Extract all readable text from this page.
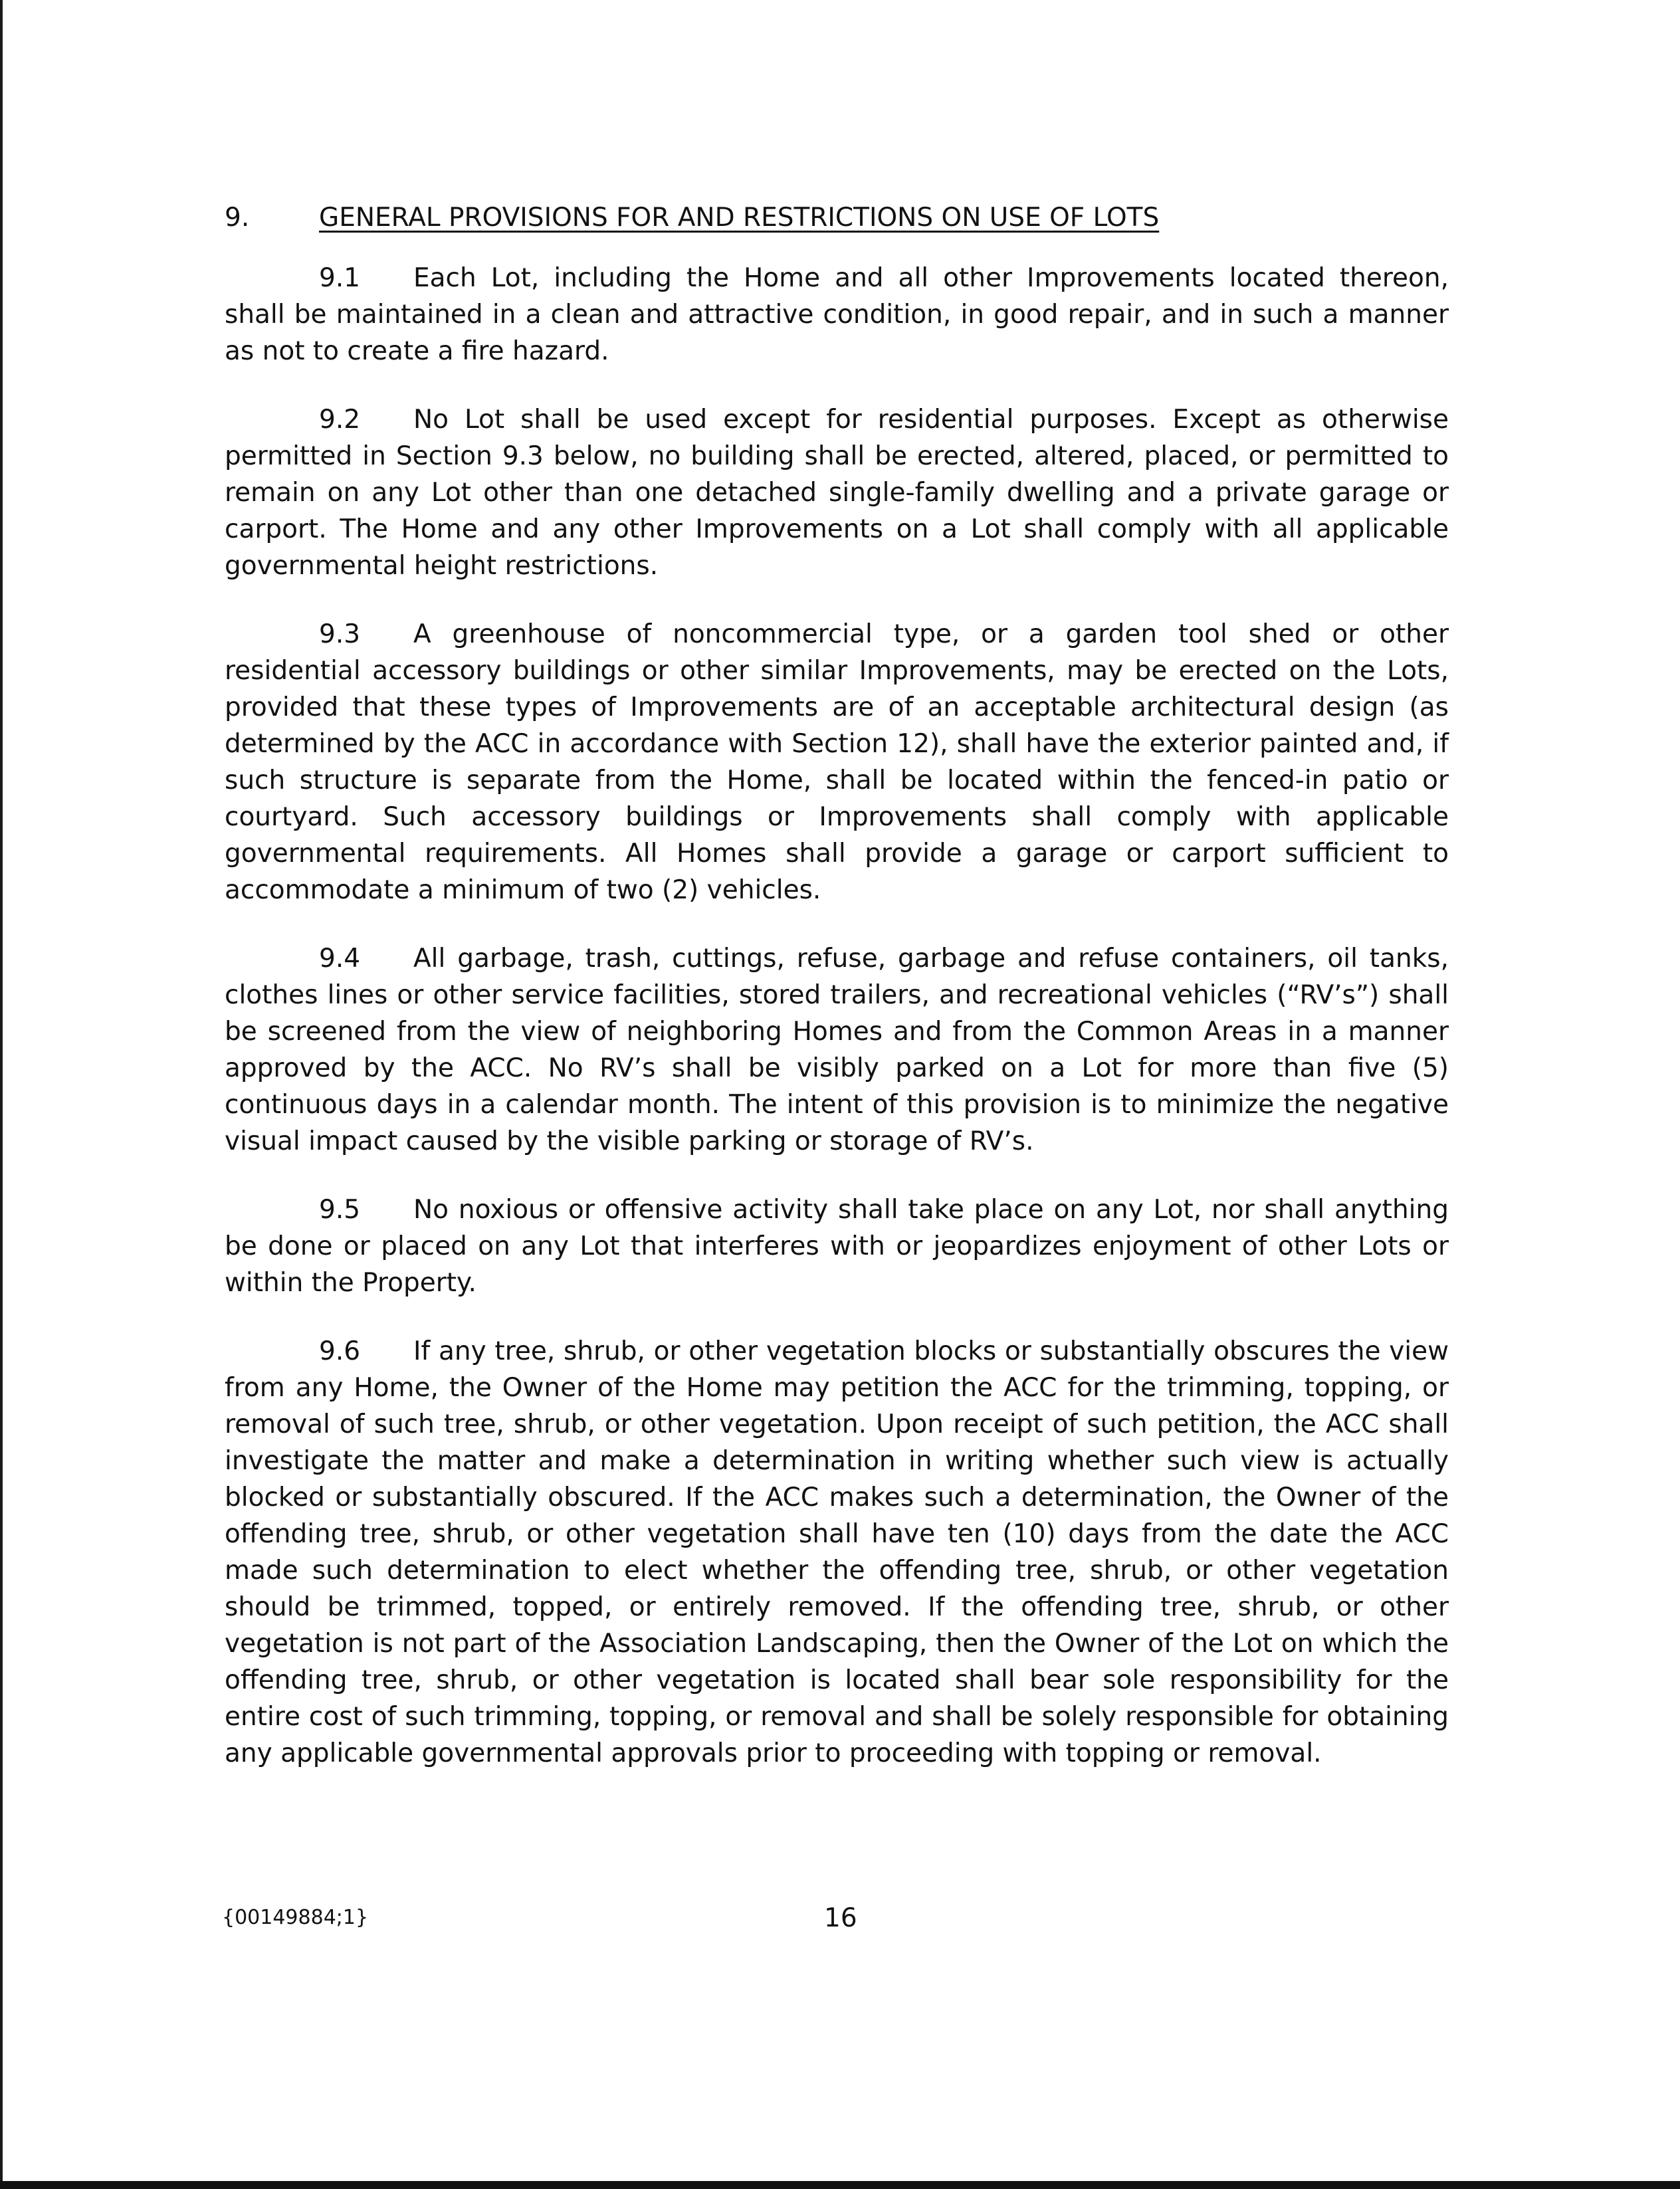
9.	GENERAL PROVISIONS FOR AND RESTRICTIONS ON USE OF LOTS

9.1 Each Lot, including the Home and all other Improvements located thereon, shall be maintained in a clean and attractive condition, in good repair, and in such a manner as not to create a fire hazard.

9.2 No Lot shall be used except for residential purposes. Except as otherwise permitted in Section 9.3 below, no building shall be erected, altered, placed, or permitted to remain on any Lot other than one detached single-family dwelling and a private garage or carport. The Home and any other Improvements on a Lot shall comply with all applicable governmental height restrictions.

9.3 A greenhouse of noncommercial type, or a garden tool shed or other residential accessory buildings or other similar Improvements, may be erected on the Lots, provided that these types of Improvements are of an acceptable architectural design (as determined by the ACC in accordance with Section 12), shall have the exterior painted and, if such structure is separate from the Home, shall be located within the fenced-in patio or courtyard. Such accessory buildings or Improvements shall comply with applicable governmental requirements. All Homes shall provide a garage or carport sufficient to accommodate a minimum of two (2) vehicles.

9.4 All garbage, trash, cuttings, refuse, garbage and refuse containers, oil tanks, clothes lines or other service facilities, stored trailers, and recreational vehicles (“RV’s”) shall be screened from the view of neighboring Homes and from the Common Areas in a manner approved by the ACC. No RV’s shall be visibly parked on a Lot for more than five (5) continuous days in a calendar month. The intent of this provision is to minimize the negative visual impact caused by the visible parking or storage of RV’s.

9.5 No noxious or offensive activity shall take place on any Lot, nor shall anything be done or placed on any Lot that interferes with or jeopardizes enjoyment of other Lots or within the Property.

9.6 If any tree, shrub, or other vegetation blocks or substantially obscures the view from any Home, the Owner of the Home may petition the ACC for the trimming, topping, or removal of such tree, shrub, or other vegetation. Upon receipt of such petition, the ACC shall investigate the matter and make a determination in writing whether such view is actually blocked or substantially obscured. If the ACC makes such a determination, the Owner of the offending tree, shrub, or other vegetation shall have ten (10) days from the date the ACC made such determination to elect whether the offending tree, shrub, or other vegetation should be trimmed, topped, or entirely removed. If the offending tree, shrub, or other vegetation is not part of the Association Landscaping, then the Owner of the Lot on which the offending tree, shrub, or other vegetation is located shall bear sole responsibility for the entire cost of such trimming, topping, or removal and shall be solely responsible for obtaining any applicable governmental approvals prior to proceeding with topping or removal.

{00149884;1}	16
